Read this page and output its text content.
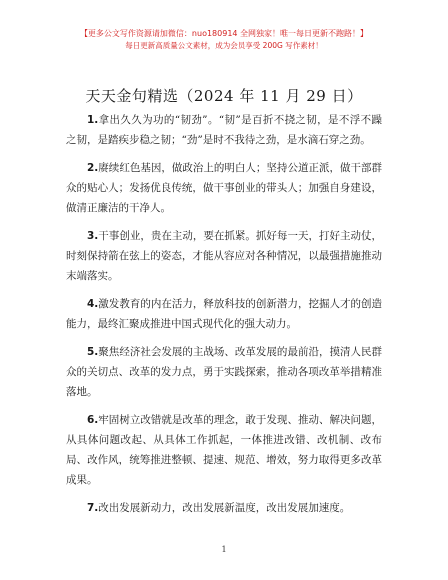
【更多公文写作资源请加微信：nuo180914 全网独家！唯一每日更新不跑路！】
每日更新高质量公文素材，成为会员享受 200G 写作素材！
天天金句精选（2024 年 11 月 29 日）

1.拿出久久为功的“韧劲”。“韧”是百折不挠之韧，是不浮不躁之韧，是踏疾步稳之韧；“劲”是时不我待之劲，是水滴石穿之劲。

2.赓续红色基因，做政治上的明白人；坚持公道正派，做干部群众的贴心人；发扬优良传统，做干事创业的带头人；加强自身建设，做清正廉洁的干净人。

3.干事创业，贵在主动，要在抓紧。抓好每一天，打好主动仗，时刻保持箭在弦上的姿态，才能从容应对各种情况，以最强措施推动末端落实。

4.激发教育的内在活力，释放科技的创新潜力，挖掘人才的创造能力，最终汇聚成推进中国式现代化的强大动力。

5.聚焦经济社会发展的主战场、改革发展的最前沿，摸清人民群众的关切点、改革的发力点，勇于实践探索，推动各项改革举措精准落地。

6.牢固树立改错就是改革的理念，敢于发现、推动、解决问题，从具体问题改起、从具体工作抓起，一体推进改错、改机制、改布局、改作风，统筹推进整顿、提速、规范、增效，努力取得更多改革成果。

7.改出发展新动力，改出发展新温度，改出发展加速度。

1
